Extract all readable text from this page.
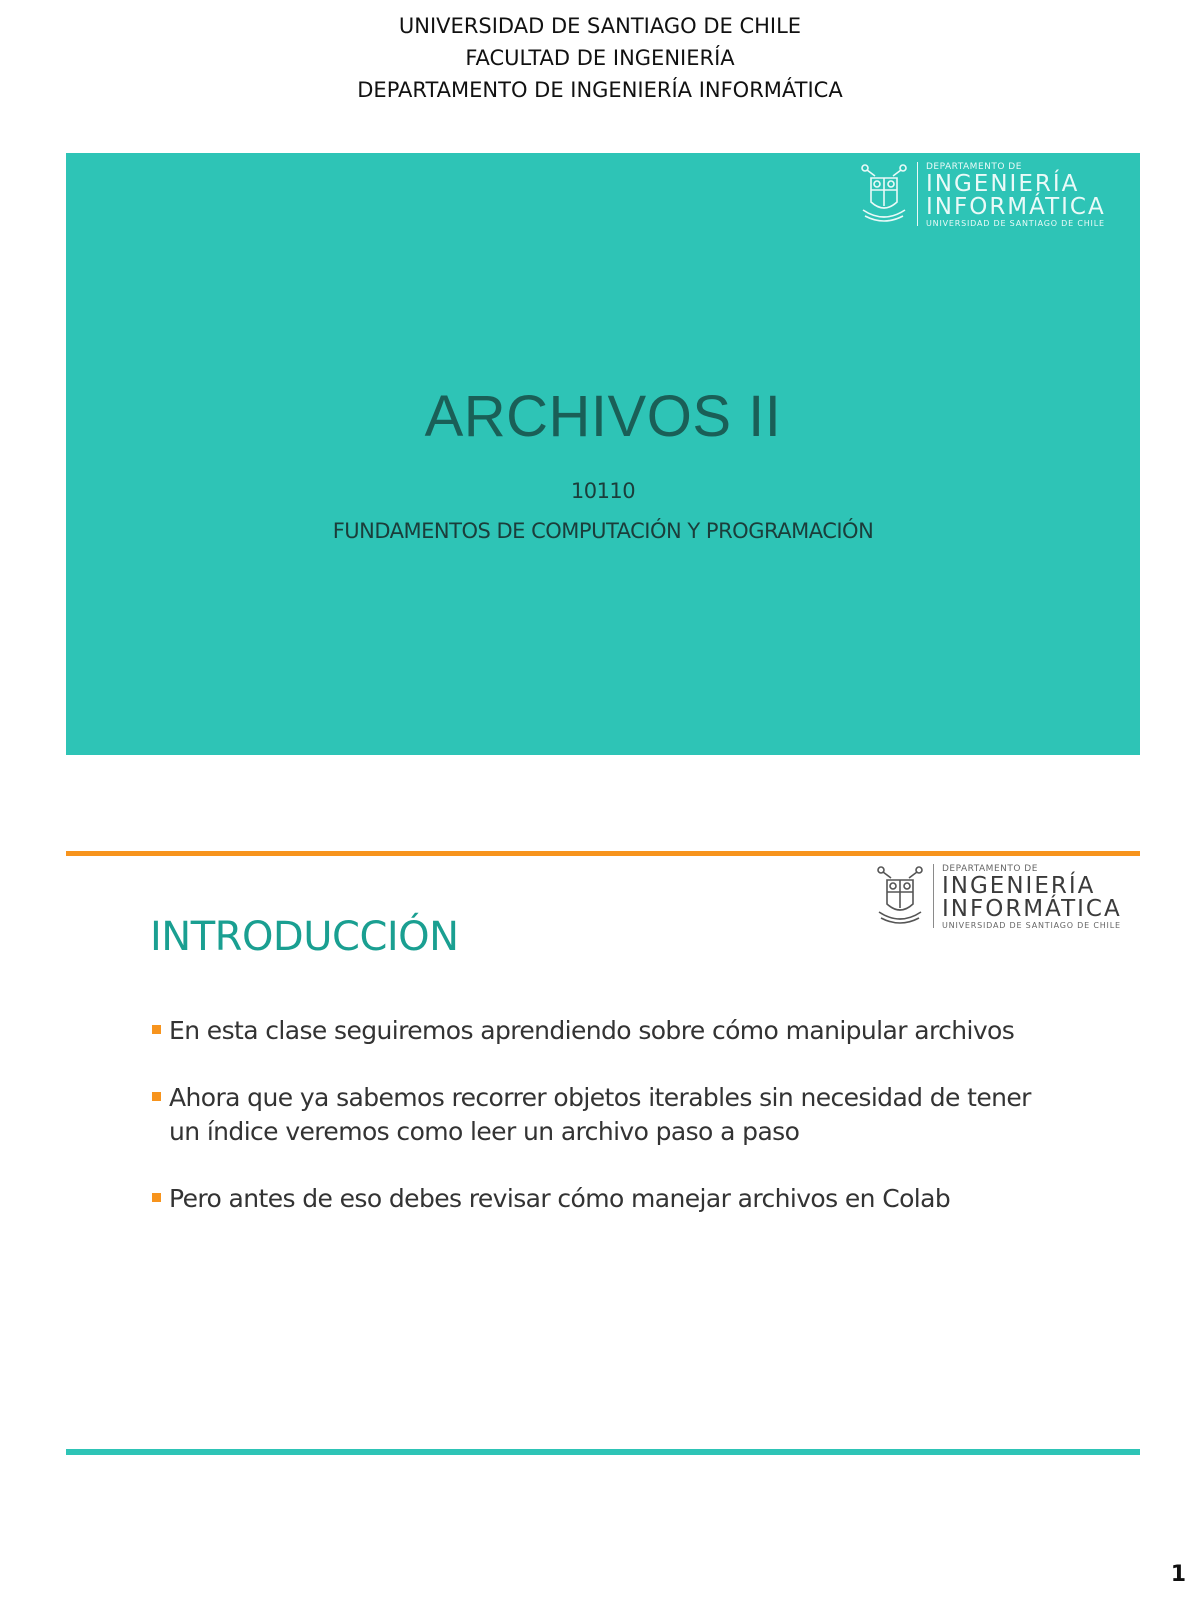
UNIVERSIDAD DE SANTIAGO DE CHILE
FACULTAD DE INGENIERÍA
DEPARTAMENTO DE INGENIERÍA INFORMÁTICA
ARCHIVOS II
10110
FUNDAMENTOS DE COMPUTACIÓN Y PROGRAMACIÓN
DEPARTAMENTO DE
INGENIERÍA
INFORMÁTICA
UNIVERSIDAD DE SANTIAGO DE CHILE
DEPARTAMENTO DE
INGENIERÍA
INFORMÁTICA
UNIVERSIDAD DE SANTIAGO DE CHILE
INTRODUCCIÓN
En esta clase seguiremos aprendiendo sobre cómo manipular archivos
Ahora que ya sabemos recorrer objetos iterables sin necesidad de tener un índice veremos como leer un archivo paso a paso
Pero antes de eso debes revisar cómo manejar archivos en Colab
1
